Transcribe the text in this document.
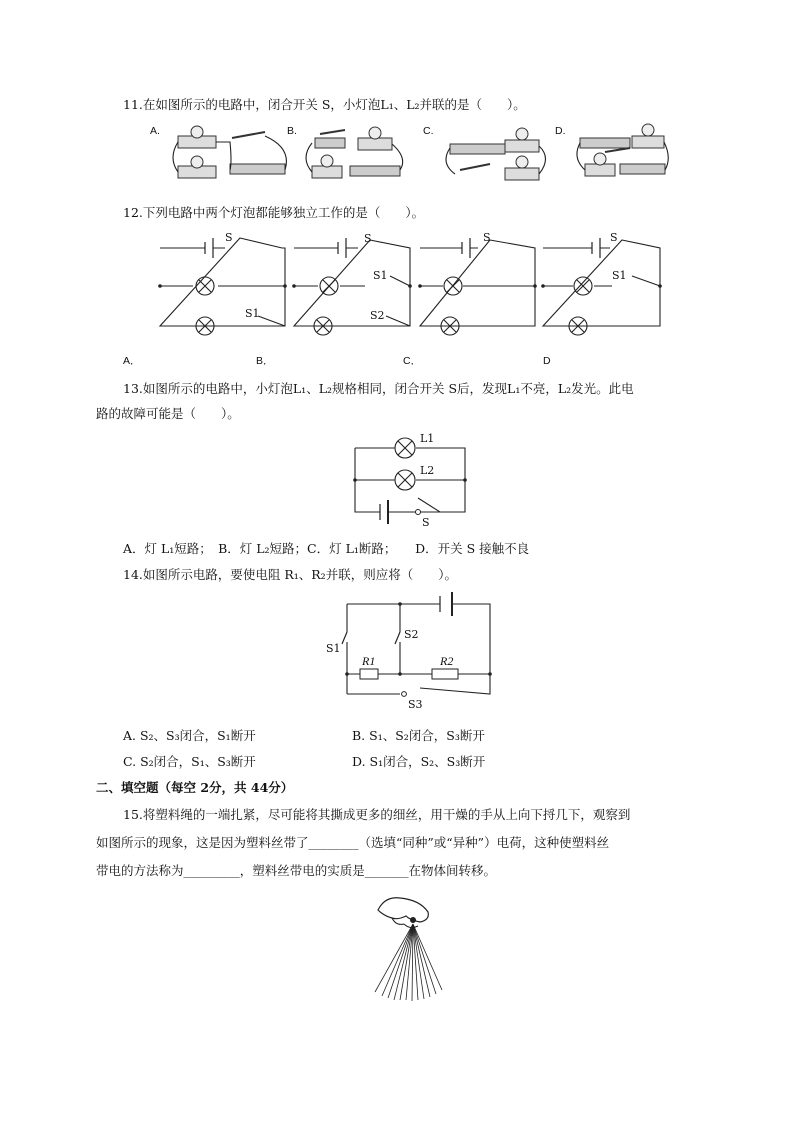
11.在如图所示的电路中，闭合开关 S，小灯泡L₁、L₂并联的是（　　）。
A.	B.	C.	D.
12.下列电路中两个灯泡都能够独立工作的是（　　）。
S
S1
S
S1
S2
S	S
S1
A．	B．	C．	D
13.如图所示的电路中，小灯泡L₁、L₂规格相同，闭合开关 S后，发现L₁不亮，L₂发光。此电
路的故障可能是（　　）。
L1
L2
S
A．灯 L₁短路；　B．灯 L₂短路；C．灯 L₁断路；　　D．开关 S 接触不良
14.如图所示电路，要使电阻 R₁、R₂并联，则应将（　　）。
R1	R2
S1
S2
S3
A. S₂、S₃闭合，S₁断开	B. S₁、S₂闭合，S₃断开
C. S₂闭合，S₁、S₃断开	D. S₁闭合，S₂、S₃断开
二、填空题（每空 2分，共 44分）
15.将塑料绳的一端扎紧，尽可能将其撕成更多的细丝，用干燥的手从上向下捋几下，观察到
如图所示的现象，这是因为塑料丝带了________（选填“同种”或“异种”）电荷，这种使塑料丝
带电的方法称为_________，塑料丝带电的实质是_______在物体间转移。
